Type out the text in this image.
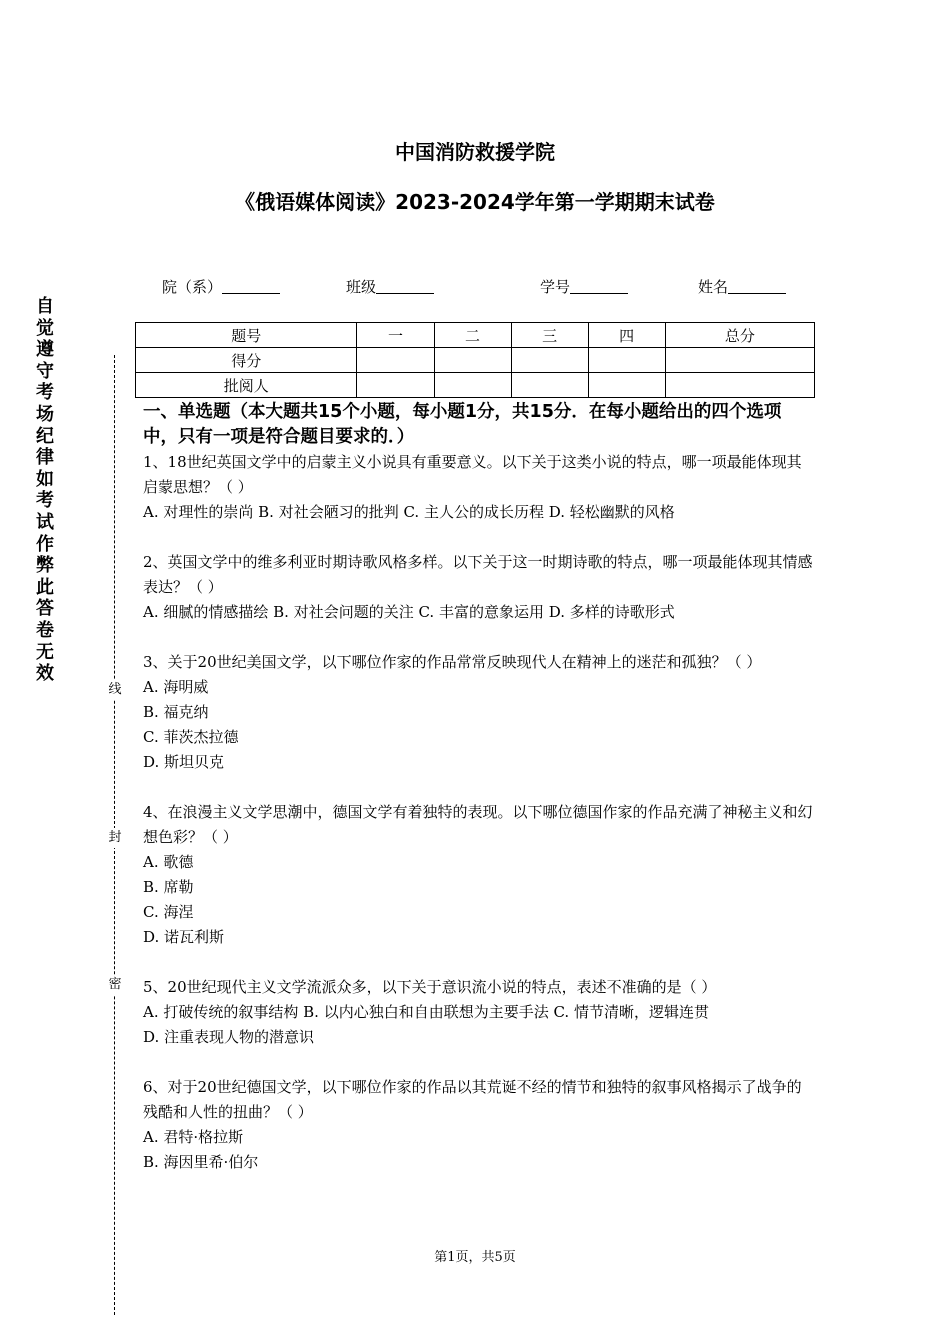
中国消防救援学院
《俄语媒体阅读》2023-2024学年第一学期期末试卷
院（系）	班级	学号	姓名
题号	一	二	三	四	总分
得分					
批阅人					
自觉遵守考场纪律如考试作弊此答卷无效
线
封
密

一、单选题（本大题共15个小题，每小题1分，共15分．在每小题给出的四个选项中，只有一项是符合题目要求的．）

1、18世纪英国文学中的启蒙主义小说具有重要意义。以下关于这类小说的特点，哪一项最能体现其启蒙思想？（ ）

A. 对理性的崇尚 B. 对社会陋习的批判 C. 主人公的成长历程 D. 轻松幽默的风格

2、英国文学中的维多利亚时期诗歌风格多样。以下关于这一时期诗歌的特点，哪一项最能体现其情感表达？（ ）

A. 细腻的情感描绘 B. 对社会问题的关注 C. 丰富的意象运用 D. 多样的诗歌形式

3、关于20世纪美国文学，以下哪位作家的作品常常反映现代人在精神上的迷茫和孤独？（ ）

A. 海明威

B. 福克纳

C. 菲茨杰拉德

D. 斯坦贝克

4、在浪漫主义文学思潮中，德国文学有着独特的表现。以下哪位德国作家的作品充满了神秘主义和幻想色彩？（ ）

A. 歌德

B. 席勒

C. 海涅

D. 诺瓦利斯

5、20世纪现代主义文学流派众多，以下关于意识流小说的特点，表述不准确的是（ ）

A. 打破传统的叙事结构 B. 以内心独白和自由联想为主要手法 C. 情节清晰，逻辑连贯

D. 注重表现人物的潜意识

6、对于20世纪德国文学，以下哪位作家的作品以其荒诞不经的情节和独特的叙事风格揭示了战争的残酷和人性的扭曲？（ ）

A. 君特·格拉斯

B. 海因里希·伯尔

第1页，共5页
